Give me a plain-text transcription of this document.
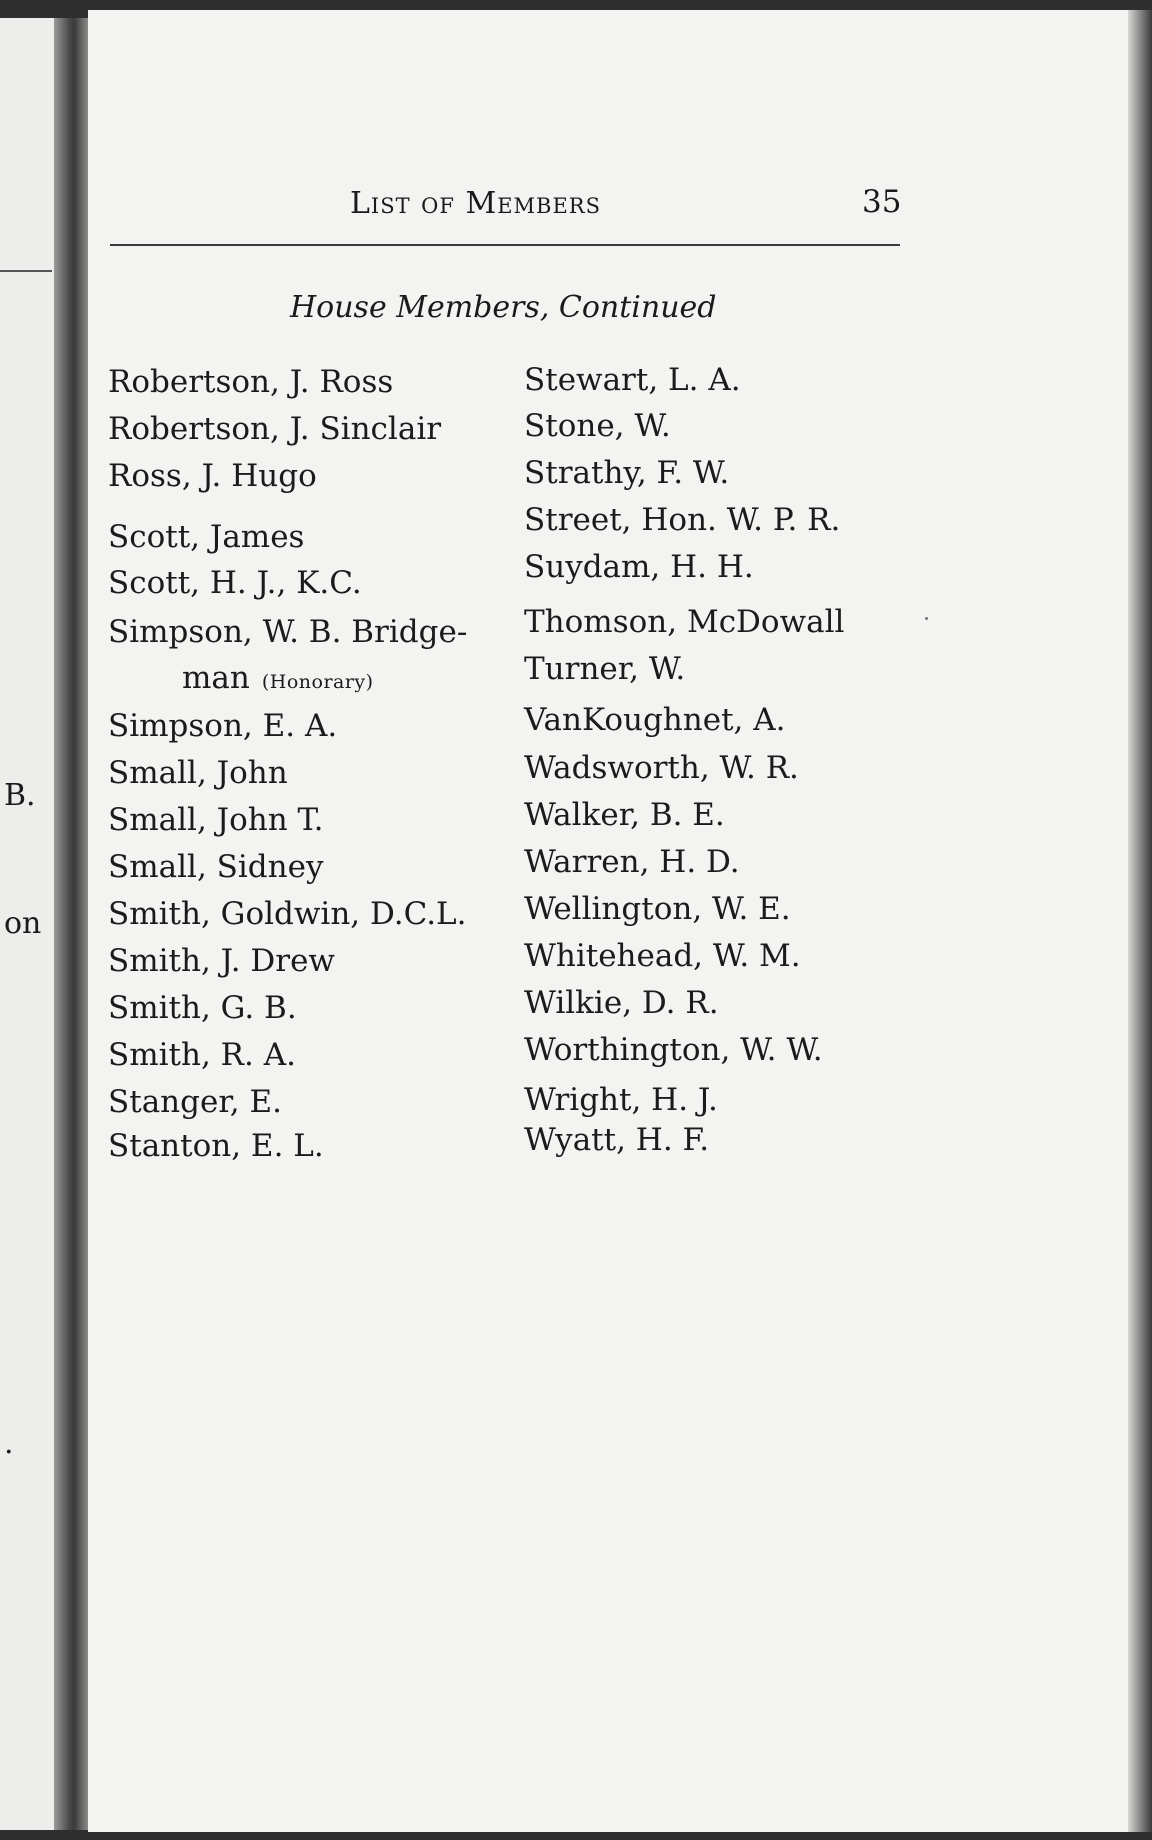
B.
on
.
List of Members	35
House Members, Continued
Robertson, J. Ross
Robertson, J. Sinclair
Ross, J. Hugo
Scott, James
Scott, H. J., K.C.
Simpson, W. B. Bridge-
man (Honorary)
Simpson, E. A.
Small, John
Small, John T.
Small, Sidney
Smith, Goldwin, D.C.L.
Smith, J. Drew
Smith, G. B.
Smith, R. A.
Stanger, E.
Stanton, E. L.
Stewart, L. A.
Stone, W.
Strathy, F. W.
Street, Hon. W. P. R.
Suydam, H. H.
Thomson, McDowall
Turner, W.
VanKoughnet, A.
Wadsworth, W. R.
Walker, B. E.
Warren, H. D.
Wellington, W. E.
Whitehead, W. M.
Wilkie, D. R.
Worthington, W. W.
Wright, H. J.
Wyatt, H. F.
